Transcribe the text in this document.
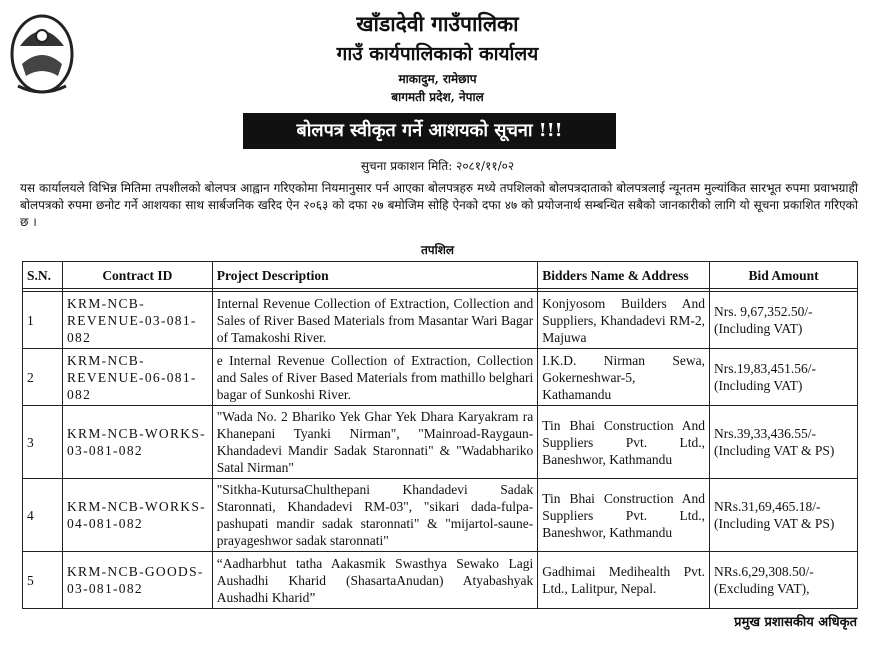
खाँडादेवी गाउँपालिका
गाउँ कार्यपालिकाको कार्यालय
माकादुम, रामेछाप
बागमती प्रदेश, नेपाल
बोलपत्र स्वीकृत गर्ने आशयको सूचना !!!
सुचना प्रकाशन मिति: २०८१/११/०२
यस कार्यालयले विभिन्न मितिमा तपशीलको बोलपत्र आह्वान गरिएकोमा नियमानुसार पर्न आएका बोलपत्रहरु मध्ये तपशिलको बोलपत्रदाताको बोलपत्रलाई न्यूनतम मुल्यांकित सारभूत रुपमा प्रवाभग्राही बोलपत्रको रुपमा छनोट गर्ने आशयका साथ सार्बजनिक खरिद ऐन २०६३ को दफा २७ बमोजिम सोहि ऐनको दफा ४७ को प्रयोजनार्थ सम्बन्धित सबैको जानकारीको लागि यो सूचना प्रकाशित गरिएको छ ।
तपशिल
S.N.	Contract ID	Project Description	Bidders Name & Address	Bid Amount

1	KRM-NCB-REVENUE-03-081-082	Internal Revenue Collection of Extraction, Collection and Sales of River Based Materials from Masantar Wari Bagar of Tamakoshi River.	Konjyosom Builders And Suppliers, Khandadevi RM-2, Majuwa	Nrs. 9,67,352.50/- (Including VAT)
2	KRM-NCB-REVENUE-06-081-082	e Internal Revenue Collection of Extraction, Collection and Sales of River Based Materials from mathillo belghari bagar of Sunkoshi River.	I.K.D. Nirman Sewa, Gokerneshwar-5, Kathamandu	Nrs.19,83,451.56/- (Including VAT)
3	KRM-NCB-WORKS-03-081-082	"Wada No. 2 Bhariko Yek Ghar Yek Dhara Karyakram ra Khanepani Tyanki Nirman", "Mainroad-Raygaun-Khandadevi Mandir Sadak Staronnati" & "Wadabhariko Satal Nirman"	Tin Bhai Construction And Suppliers Pvt. Ltd., Baneshwor, Kathmandu	Nrs.39,33,436.55/- (Including VAT & PS)
4	KRM-NCB-WORKS-04-081-082	"Sitkha-KutursaChulthepani Khandadevi Sadak Staronnati, Khandadevi RM-03", "sikari dada-fulpa-pashupati mandir sadak staronnati" & "mijartol-saune-prayageshwor sadak staronnati"	Tin Bhai Construction And Suppliers Pvt. Ltd., Baneshwor, Kathmandu	NRs.31,69,465.18/- (Including VAT & PS)
5	KRM-NCB-GOODS-03-081-082	“Aadharbhut tatha Aakasmik Swasthya Sewako Lagi Aushadhi Kharid (ShasartaAnudan) Atyabashyak Aushadhi Kharid”	Gadhimai Medihealth Pvt. Ltd., Lalitpur, Nepal.	NRs.6,29,308.50/- (Excluding VAT),
प्रमुख प्रशासकीय अधिकृत
